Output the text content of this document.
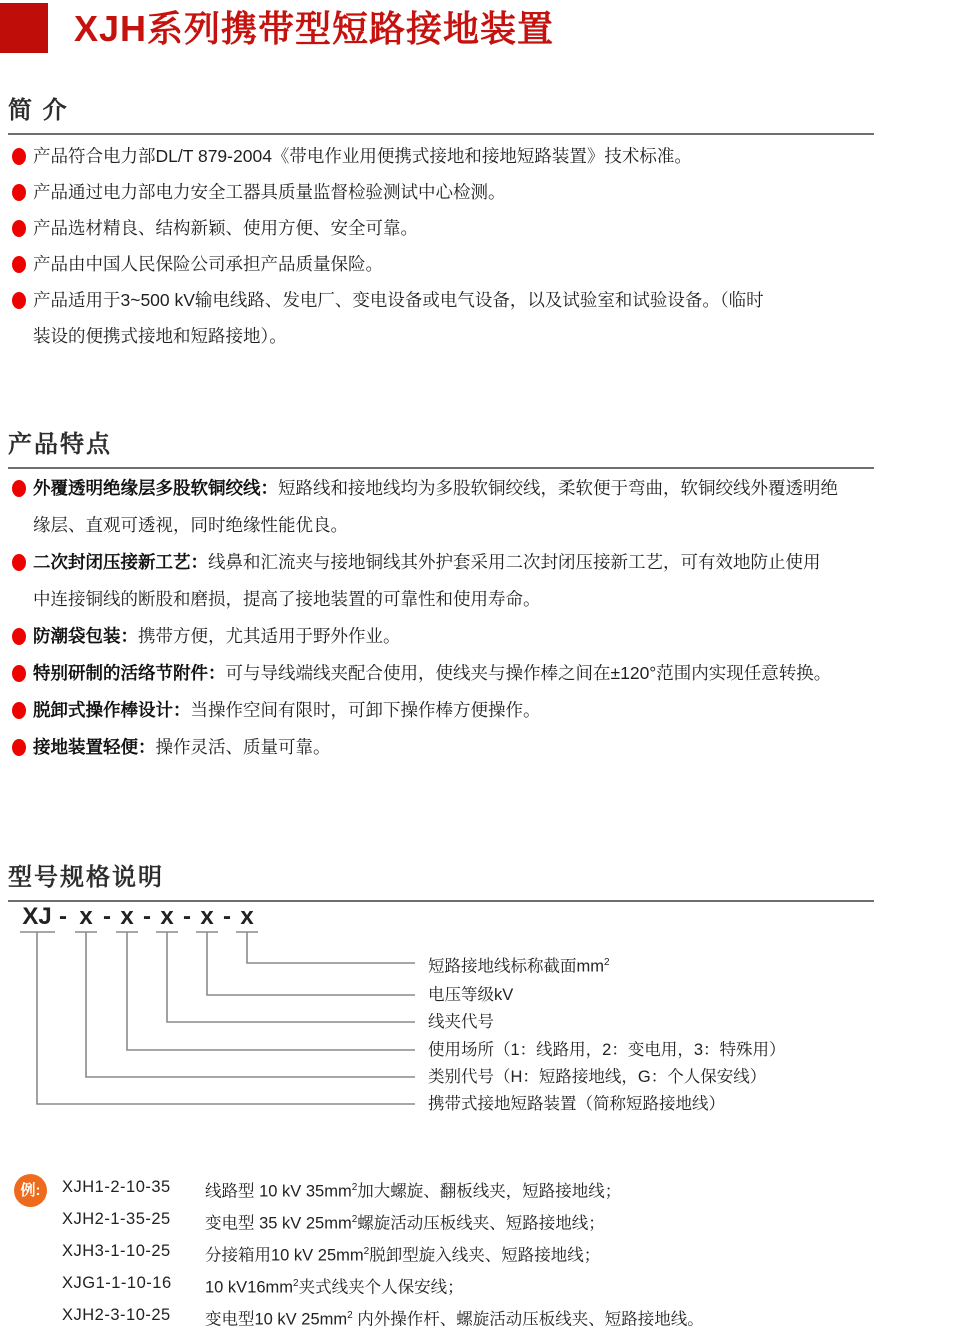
XJH系列携带型短路接地装置
简 介
产品符合电力部DL/T 879-2004《带电作业用便携式接地和接地短路装置》技术标准。
产品通过电力部电力安全工器具质量监督检验测试中心检测。
产品选材精良、结构新颖、使用方便、安全可靠。
产品由中国人民保险公司承担产品质量保险。
产品适用于3~500 kV输电线路、发电厂、变电设备或电气设备，以及试验室和试验设备。（临时
装设的便携式接地和短路接地）。
产品特点
外覆透明绝缘层多股软铜绞线：短路线和接地线均为多股软铜绞线，柔软便于弯曲，软铜绞线外覆透明绝
缘层、直观可透视，同时绝缘性能优良。
二次封闭压接新工艺：线鼻和汇流夹与接地铜线其外护套采用二次封闭压接新工艺，可有效地防止使用
中连接铜线的断股和磨损，提高了接地装置的可靠性和使用寿命。
防潮袋包装：携带方便，尤其适用于野外作业。
特别研制的活络节附件：可与导线端线夹配合使用，使线夹与操作棒之间在±120°范围内实现任意转换。
脱卸式操作棒设计：当操作空间有限时，可卸下操作棒方便操作。
接地装置轻便：操作灵活、质量可靠。
型号规格说明
XJ - x - x - x - x - x
短路接地线标称截面$mm^2$
电压等级kV
线夹代号
使用场所（1：线路用，2：变电用，3：特殊用）
类别代号（H：短路接地线，G：个人保安线）
携带式接地短路装置（简称短路接地线）
例:	XJH1-2-10-35	线路型 10 kV $35mm^2$加大螺旋、翻板线夹，短路接地线；
XJH2-1-35-25	变电型 35 kV $25mm^2$螺旋活动压板线夹、短路接地线；
XJH3-1-10-25	分接箱用10 kV $25mm^2$脱卸型旋入线夹、短路接地线；
XJG1-1-10-16	10 $kV16mm^2$夹式线夹个人保安线；
XJH2-3-10-25	变电型10 kV $25mm^2$ 内外操作杆、螺旋活动压板线夹、短路接地线。
